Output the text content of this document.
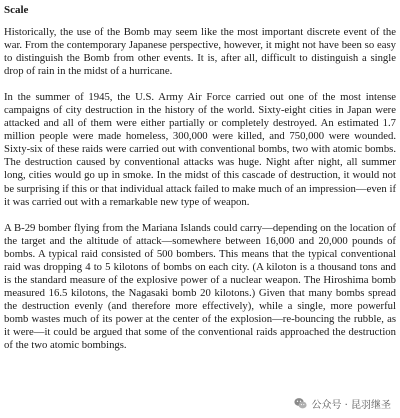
Scale

Historically, the use of the Bomb may seem like the most important discrete event of the war. From the contemporary Japanese perspective, however, it might not have been so easy to distinguish the Bomb from other events. It is, after all, difficult to distinguish a single drop of rain in the midst of a hurricane.

In the summer of 1945, the U.S. Army Air Force carried out one of the most intense campaigns of city destruction in the history of the world. Sixty-eight cities in Japan were attacked and all of them were either partially or completely destroyed. An estimated 1.7 million people were made homeless, 300,000 were killed, and 750,000 were wounded. Sixty-six of these raids were carried out with conventional bombs, two with atomic bombs. The destruction caused by conventional attacks was huge. Night after night, all summer long, cities would go up in smoke. In the midst of this cascade of destruction, it would not be surprising if this or that individual attack failed to make much of an impression—even if it was carried out with a remarkable new type of weapon.

A B-29 bomber flying from the Mariana Islands could carry—depending on the location of the target and the altitude of attack—somewhere between 16,000 and 20,000 pounds of bombs. A typical raid consisted of 500 bombers. This means that the typical conventional raid was dropping 4 to 5 kilotons of bombs on each city. (A kiloton is a thousand tons and is the standard measure of the explosive power of a nuclear weapon. The Hiroshima bomb measured 16.5 kilotons, the Nagasaki bomb 20 kilotons.) Given that many bombs spread the destruction evenly (and therefore more effectively), while a single, more powerful bomb wastes much of its power at the center of the explosion—re-bouncing the rubble, as it were—it could be argued that some of the conventional raids approached the destruction of the two atomic bombings.

公众号 · 昆羽继圣
